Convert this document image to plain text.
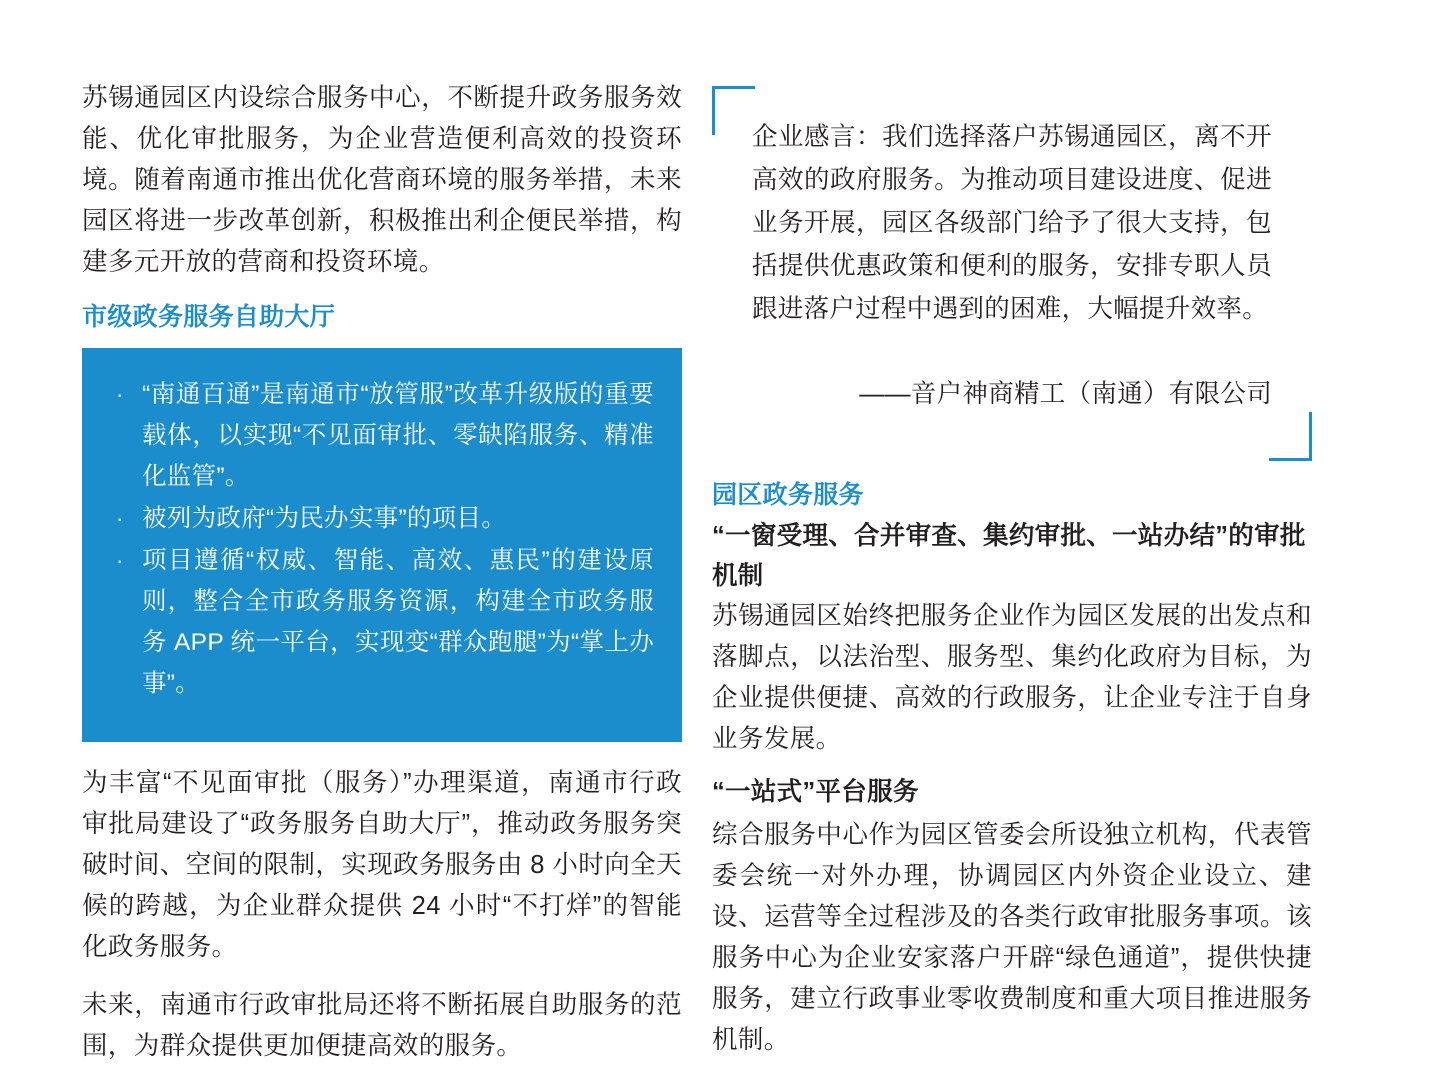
苏锡通园区内设综合服务中心，不断提升政务服务效能、优化审批服务，为企业营造便利高效的投资环境。随着南通市推出优化营商环境的服务举措，未来园区将进一步改革创新，积极推出利企便民举措，构建多元开放的营商和投资环境。

市级政务服务自助大厅
· “南通百通”是南通市“放管服”改革升级版的重要载体，以实现“不见面审批、零缺陷服务、精准化监管”。
· 被列为政府“为民办实事”的项目。
· 项目遵循“权威、智能、高效、惠民”的建设原则，整合全市政务服务资源，构建全市政务服务 APP 统一平台，实现变“群众跑腿”为“掌上办事”。

为丰富“不见面审批（服务）”办理渠道，南通市行政审批局建设了“政务服务自助大厅”，推动政务服务突破时间、空间的限制，实现政务服务由 8 小时向全天候的跨越，为企业群众提供 24 小时“不打烊”的智能化政务服务。

未来，南通市行政审批局还将不断拓展自助服务的范围，为群众提供更加便捷高效的服务。

企业感言：我们选择落户苏锡通园区，离不开高效的政府服务。为推动项目建设进度、促进业务开展，园区各级部门给予了很大支持，包括提供优惠政策和便利的服务，安排专职人员跟进落户过程中遇到的困难，大幅提升效率。
——音户神商精工（南通）有限公司
园区政务服务
“一窗受理、合并审查、集约审批、一站办结”的审批机制

苏锡通园区始终把服务企业作为园区发展的出发点和落脚点，以法治型、服务型、集约化政府为目标，为企业提供便捷、高效的行政服务，让企业专注于自身业务发展。

“一站式”平台服务

综合服务中心作为园区管委会所设独立机构，代表管委会统一对外办理，协调园区内外资企业设立、建设、运营等全过程涉及的各类行政审批服务事项。该服务中心为企业安家落户开辟“绿色通道”，提供快捷服务，建立行政事业零收费制度和重大项目推进服务机制。
